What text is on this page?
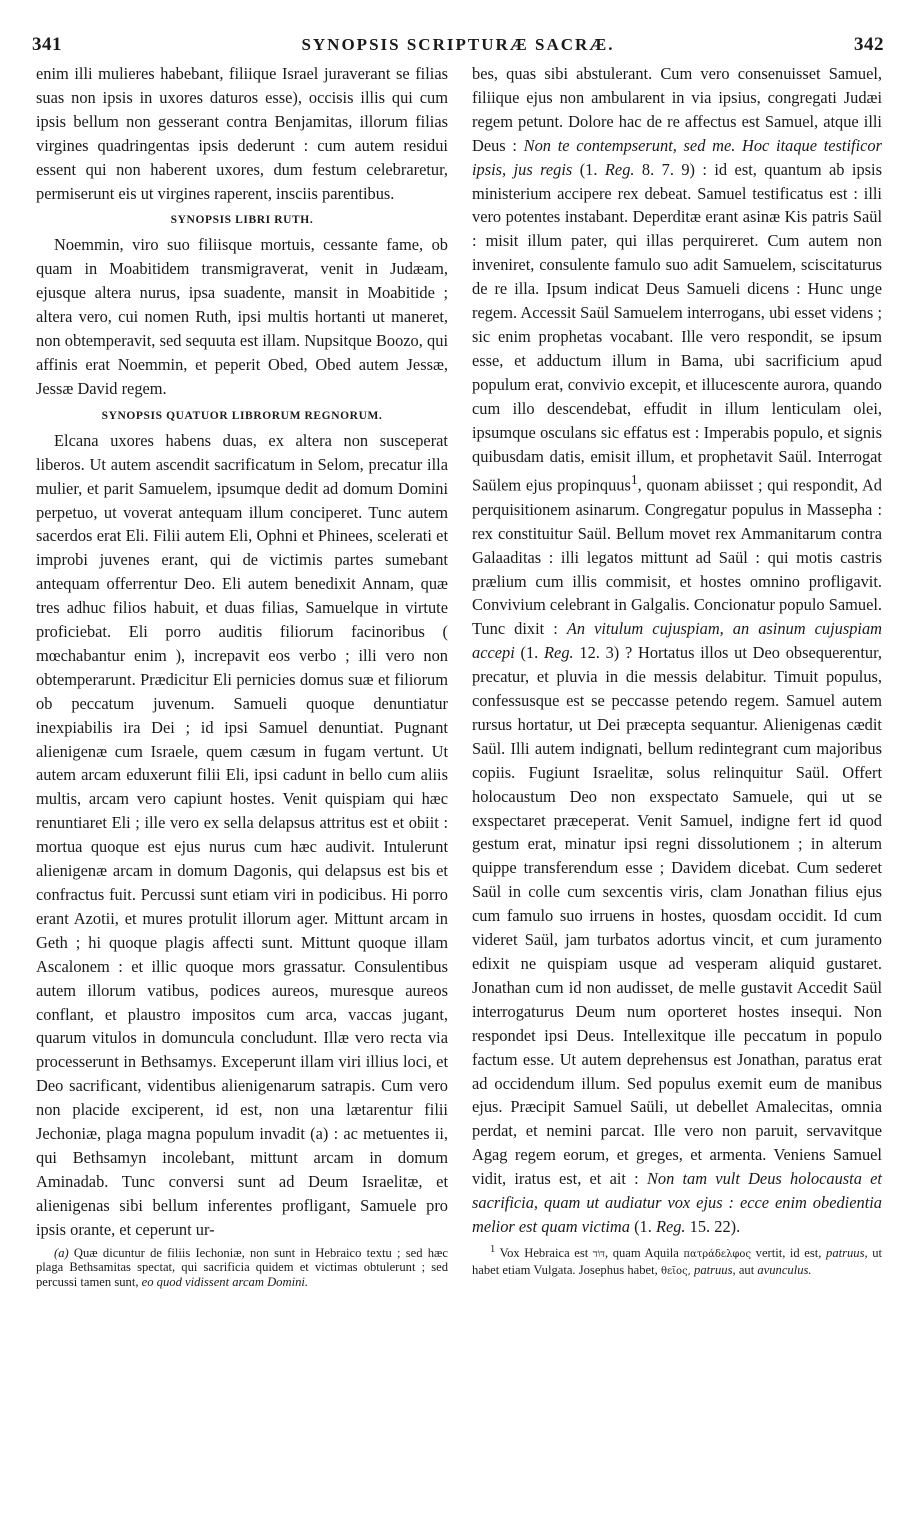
341	SYNOPSIS SCRIPTURÆ SACRÆ.	342

enim illi mulieres habebant, filiique Israel juraverant se filias suas non ipsis in uxores daturos esse), occisis illis qui cum ipsis bellum non gesserant contra Benjamitas, illorum filias virgines quadringentas ipsis dederunt : cum autem residui essent qui non haberent uxores, dum festum celebraretur, permiserunt eis ut virgines raperent, insciis parentibus.

SYNOPSIS LIBRI RUTH.

Noemmin, viro suo filiisque mortuis, cessante fame, ob quam in Moabitidem transmigraverat, venit in Judæam, ejusque altera nurus, ipsa suadente, mansit in Moabitide ; altera vero, cui nomen Ruth, ipsi multis hortanti ut maneret, non obtemperavit, sed sequuta est illam. Nupsitque Boozo, qui affinis erat Noemmin, et peperit Obed, Obed autem Jessæ, Jessæ David regem.

SYNOPSIS QUATUOR LIBRORUM REGNORUM.

Elcana uxores habens duas, ex altera non susceperat liberos. Ut autem ascendit sacrificatum in Selom, precatur illa mulier, et parit Samuelem, ipsumque dedit ad domum Domini perpetuo, ut voverat antequam illum conciperet. Tunc autem sacerdos erat Eli. Filii autem Eli, Ophni et Phinees, scelerati et improbi juvenes erant, qui de victimis partes sumebant antequam offerrentur Deo. Eli autem benedixit Annam, quæ tres adhuc filios habuit, et duas filias, Samuelque in virtute proficiebat. Eli porro auditis filiorum facinoribus ( mœchabantur enim ), increpavit eos verbo ; illi vero non obtemperarunt. Prædicitur Eli pernicies domus suæ et filiorum ob peccatum juvenum. Samueli quoque denuntiatur inexpiabilis ira Dei ; id ipsi Samuel denuntiat. Pugnant alienigenæ cum Israele, quem cæsum in fugam vertunt. Ut autem arcam eduxerunt filii Eli, ipsi cadunt in bello cum aliis multis, arcam vero capiunt hostes. Venit quispiam qui hæc renuntiaret Eli ; ille vero ex sella delapsus attritus est et obiit : mortua quoque est ejus nurus cum hæc audivit. Intulerunt alienigenæ arcam in domum Dagonis, qui delapsus est bis et confractus fuit. Percussi sunt etiam viri in podicibus. Hi porro erant Azotii, et mures protulit illorum ager. Mittunt arcam in Geth ; hi quoque plagis affecti sunt. Mittunt quoque illam Ascalonem : et illic quoque mors grassatur. Consulentibus autem illorum vatibus, podices aureos, muresque aureos conflant, et plaustro impositos cum arca, vaccas jugant, quarum vitulos in domuncula concludunt. Illæ vero recta via processerunt in Bethsamys. Exceperunt illam viri illius loci, et Deo sacrificant, videntibus alienigenarum satrapis. Cum vero non placide exciperent, id est, non una lætarentur filii Jechoniæ, plaga magna populum invadit (a) : ac metuentes ii, qui Bethsamyn incolebant, mittunt arcam in domum Aminadab. Tunc conversi sunt ad Deum Israelitæ, et alienigenas sibi bellum inferentes profligant, Samuele pro ipsis orante, et ceperunt ur-

(a) Quæ dicuntur de filiis Iechoniæ, non sunt in Hebraico textu ; sed hæc plaga Bethsamitas spectat, qui sacrificia quidem et victimas obtulerunt ; sed percussi tamen sunt, eo quod vidissent arcam Domini.

bes, quas sibi abstulerant. Cum vero consenuisset Samuel, filiique ejus non ambularent in via ipsius, congregati Judæi regem petunt. Dolore hac de re affectus est Samuel, atque illi Deus : Non te contempserunt, sed me. Hoc itaque testificor ipsis, jus regis (1. Reg. 8. 7. 9) : id est, quantum ab ipsis ministerium accipere rex debeat. Samuel testificatus est : illi vero potentes instabant. Deperditæ erant asinæ Kis patris Saül : misit illum pater, qui illas perquireret. Cum autem non inveniret, consulente famulo suo adit Samuelem, sciscitaturus de re illa. Ipsum indicat Deus Samueli dicens : Hunc unge regem. Accessit Saül Samuelem interrogans, ubi esset videns ; sic enim prophetas vocabant. Ille vero respondit, se ipsum esse, et adductum illum in Bama, ubi sacrificium apud populum erat, convivio excepit, et illucescente aurora, quando cum illo descendebat, effudit in illum lenticulam olei, ipsumque osculans sic effatus est : Imperabis populo, et signis quibusdam datis, emisit illum, et prophetavit Saül. Interrogat Saülem ejus propinquus$^1$, quonam abiisset ; qui respondit, Ad perquisitionem asinarum. Congregatur populus in Massepha : rex constituitur Saül. Bellum movet rex Ammanitarum contra Galaaditas : illi legatos mittunt ad Saül : qui motis castris prælium cum illis commisit, et hostes omnino profligavit. Convivium celebrant in Galgalis. Concionatur populo Samuel. Tunc dixit : An vitulum cujuspiam, an asinum cujuspiam accepi (1. Reg. 12. 3) ? Hortatus illos ut Deo obsequerentur, precatur, et pluvia in die messis delabitur. Timuit populus, confessusque est se peccasse petendo regem. Samuel autem rursus hortatur, ut Dei præcepta sequantur. Alienigenas cædit Saül. Illi autem indignati, bellum redintegrant cum majoribus copiis. Fugiunt Israelitæ, solus relinquitur Saül. Offert holocaustum Deo non exspectato Samuele, qui ut se exspectaret præceperat. Venit Samuel, indigne fert id quod gestum erat, minatur ipsi regni dissolutionem ; in alterum quippe transferendum esse ; Davidem dicebat. Cum sederet Saül in colle cum sexcentis viris, clam Jonathan filius ejus cum famulo suo irruens in hostes, quosdam occidit. Id cum videret Saül, jam turbatos adortus vincit, et cum juramento edixit ne quispiam usque ad vesperam aliquid gustaret. Jonathan cum id non audisset, de melle gustavit Accedit Saül interrogaturus Deum num oporteret hostes insequi. Non respondet ipsi Deus. Intellexitque ille peccatum in populo factum esse. Ut autem deprehensus est Jonathan, paratus erat ad occidendum illum. Sed populus exemit eum de manibus ejus. Præcipit Samuel Saüli, ut debellet Amalecitas, omnia perdat, et nemini parcat. Ille vero non paruit, servavitque Agag regem eorum, et greges, et armenta. Veniens Samuel vidit, iratus est, et ait : Non tam vult Deus holocausta et sacrificia, quam ut audiatur vox ejus : ecce enim obedientia melior est quam victima (1. Reg. 15. 22).

$^1$ Vox Hebraica est דּוֹד, quam Aquila πατράδελφος vertit, id est, patruus, ut habet etiam Vulgata. Josephus habet, θεῖος, patruus, aut avunculus.
